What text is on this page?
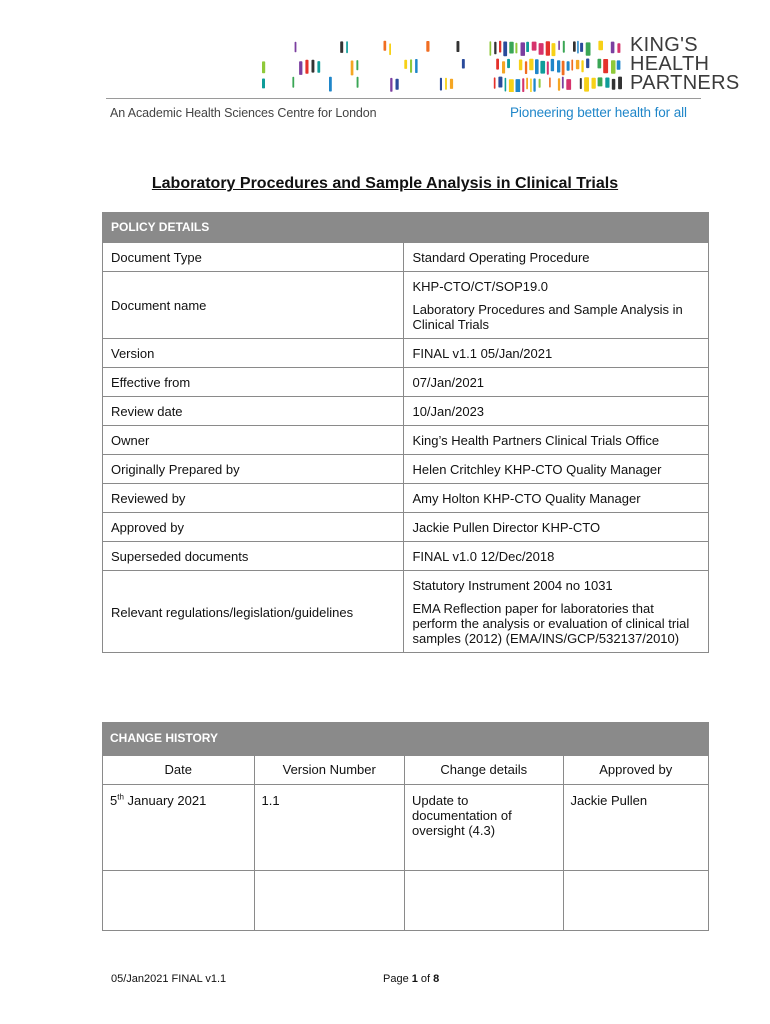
KING'S
HEALTH
PARTNERS
An Academic Health Sciences Centre for London	Pioneering better health for all
Laboratory Procedures and Sample Analysis in Clinical Trials
POLICY DETAILS	
Document Type	Standard Operating Procedure

Document name	KHP-CTO/CT/SOP19.0

Laboratory Procedures and Sample Analysis in Clinical Trials

Version	FINAL v1.1 05/Jan/2021

Effective from	07/Jan/2021

Review date	10/Jan/2023

Owner	King’s Health Partners Clinical Trials Office

Originally Prepared by	Helen Critchley KHP-CTO Quality Manager

Reviewed by	Amy Holton KHP-CTO Quality Manager

Approved by	Jackie Pullen Director KHP-CTO

Superseded documents	FINAL v1.0 12/Dec/2018

Relevant regulations/legislation/guidelines	Statutory Instrument 2004 no 1031

EMA Reflection paper for laboratories that perform the analysis or evaluation of clinical trial samples (2012) (EMA/INS/GCP/532137/2010)

CHANGE HISTORY			
Date	Version Number	Change details	Approved by
5th January 2021	1.1	Update to documentation of oversight (4.3)	Jackie Pullen

05/Jan2021 FINAL v1.1	Page 1 of 8
